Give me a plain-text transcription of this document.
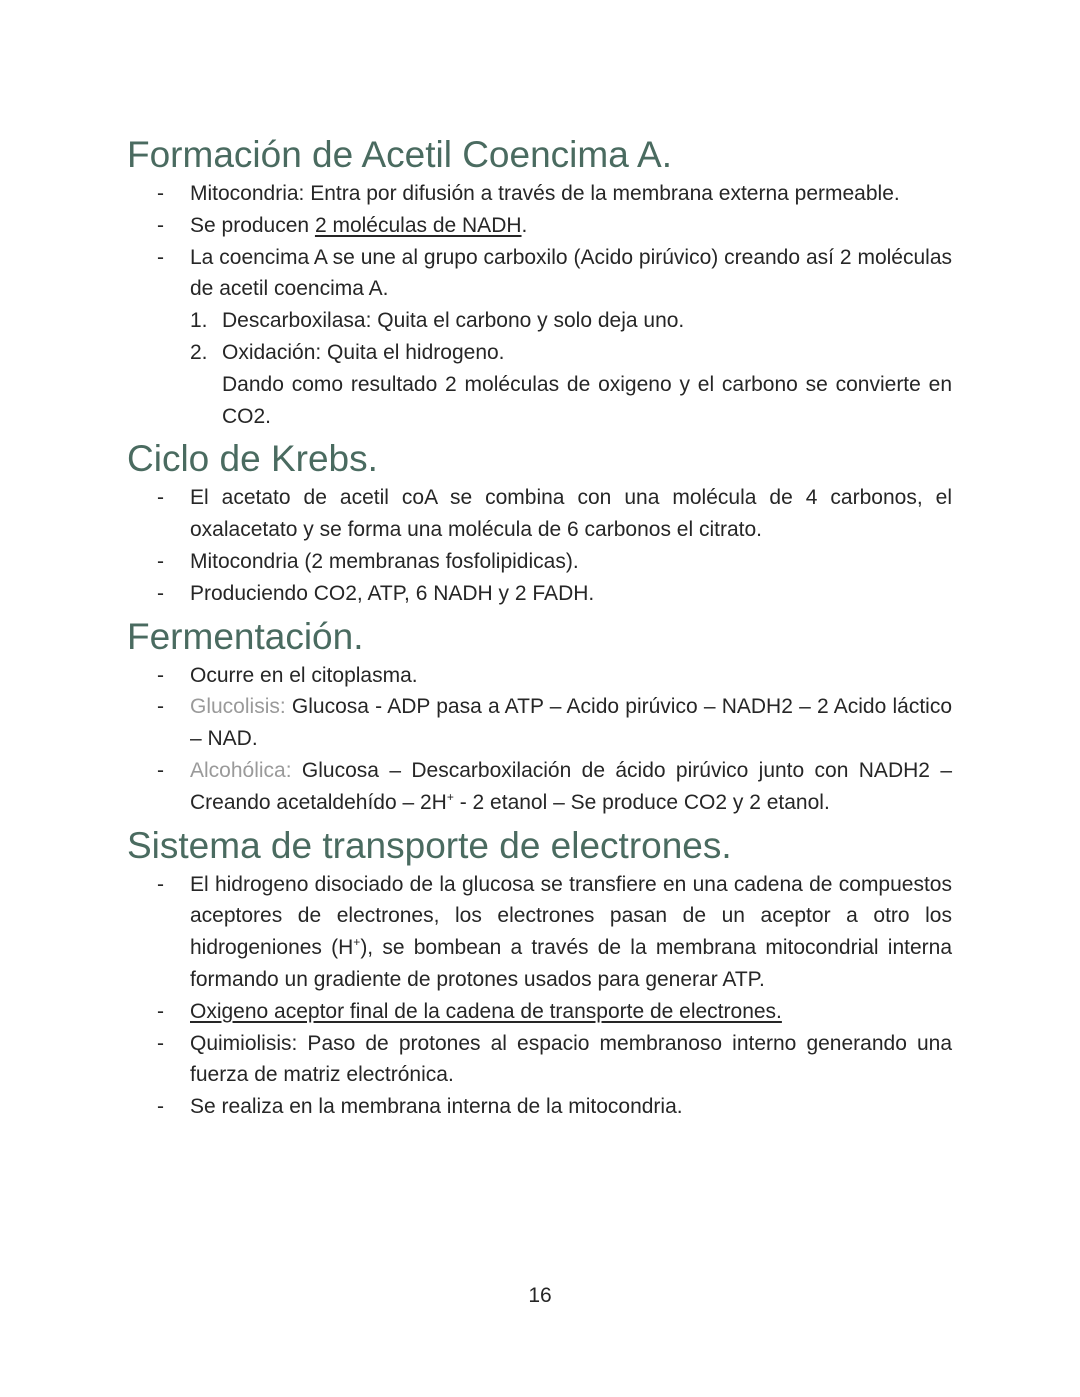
Formación de Acetil Coencima A.
-	Mitocondria: Entra por difusión a través de la membrana externa permeable.
-	Se producen 2 moléculas de NADH.
-	La coencima A se une al grupo carboxilo (Acido pirúvico) creando así 2 moléculas de acetil coencima A.
1. Descarboxilasa: Quita el carbono y solo deja uno.
2. Oxidación: Quita el hidrogeno.
Dando como resultado 2 moléculas de oxigeno y el carbono se convierte en CO2.
Ciclo de Krebs.
-	El acetato de acetil coA se combina con una molécula de 4 carbonos, el oxalacetato y se forma una molécula de 6 carbonos el citrato.
-	Mitocondria (2 membranas fosfolipidicas).
-	Produciendo CO2, ATP, 6 NADH y 2 FADH.
Fermentación.
-	Ocurre en el citoplasma.
-	Glucolisis: Glucosa - ADP pasa a ATP – Acido pirúvico – NADH2 – 2 Acido láctico – NAD.
-	Alcohólica: Glucosa – Descarboxilación de ácido pirúvico junto con NADH2 – Creando acetaldehído – 2H+ - 2 etanol – Se produce CO2 y 2 etanol.
Sistema de transporte de electrones.
-	El hidrogeno disociado de la glucosa se transfiere en una cadena de compuestos aceptores de electrones, los electrones pasan de un aceptor a otro los hidrogeniones (H+), se bombean a través de la membrana mitocondrial interna formando un gradiente de protones usados para generar ATP.
-	Oxigeno aceptor final de la cadena de transporte de electrones.
-	Quimiolisis: Paso de protones al espacio membranoso interno generando una fuerza de matriz electrónica.
-	Se realiza en la membrana interna de la mitocondria.
16
